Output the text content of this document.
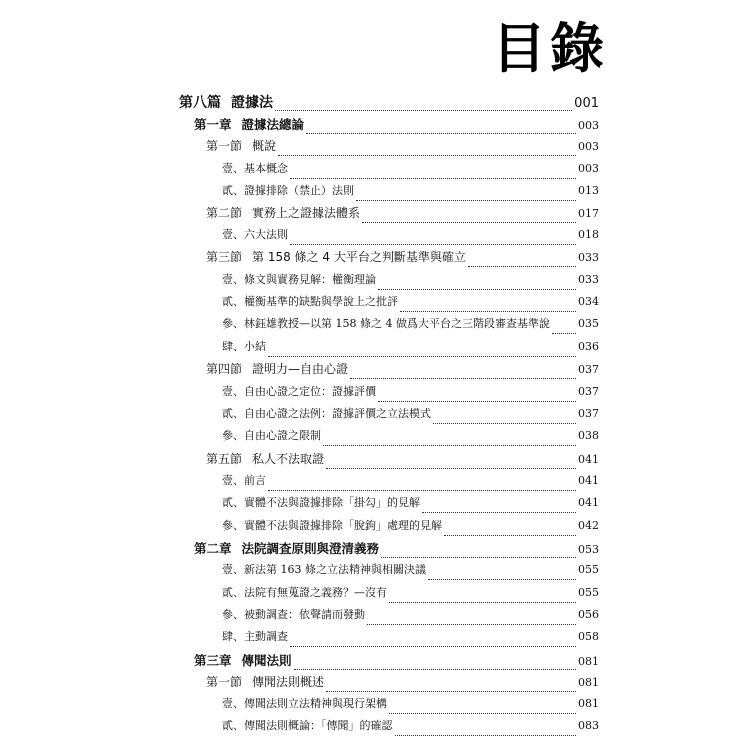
目錄
第八篇 證據法	001
第一章 證據法總論	003
第一節 概說	003
壹、基本概念	003
貳、證據排除（禁止）法則	013
第二節 實務上之證據法體系	017
壹、六大法則	018
第三節 第 158 條之 4 大平台之判斷基準與確立	033
壹、條文與實務見解：權衡理論	033
貳、權衡基準的缺點與學說上之批評	034
參、林鈺雄教授—以第 158 條之 4 做爲大平台之三階段審查基準說	035
肆、小結	036
第四節 證明力—自由心證	037
壹、自由心證之定位：證據評價	037
貳、自由心證之法例：證據評價之立法模式	037
參、自由心證之限制	038
第五節 私人不法取證	041
壹、前言	041
貳、實體不法與證據排除「掛勾」的見解	041
參、實體不法與證據排除「脫鉤」處理的見解	042
第二章 法院調查原則與澄清義務	053
壹、新法第 163 條之立法精神與相關決議	055
貳、法院有無蒐證之義務？—沒有	055
參、被動調查：依聲請而發動	056
肆、主動調查	058
第三章 傳聞法則	081
第一節 傳聞法則概述	081
壹、傳聞法則立法精神與現行架構	081
貳、傳聞法則概論：「傳聞」的確認	083
